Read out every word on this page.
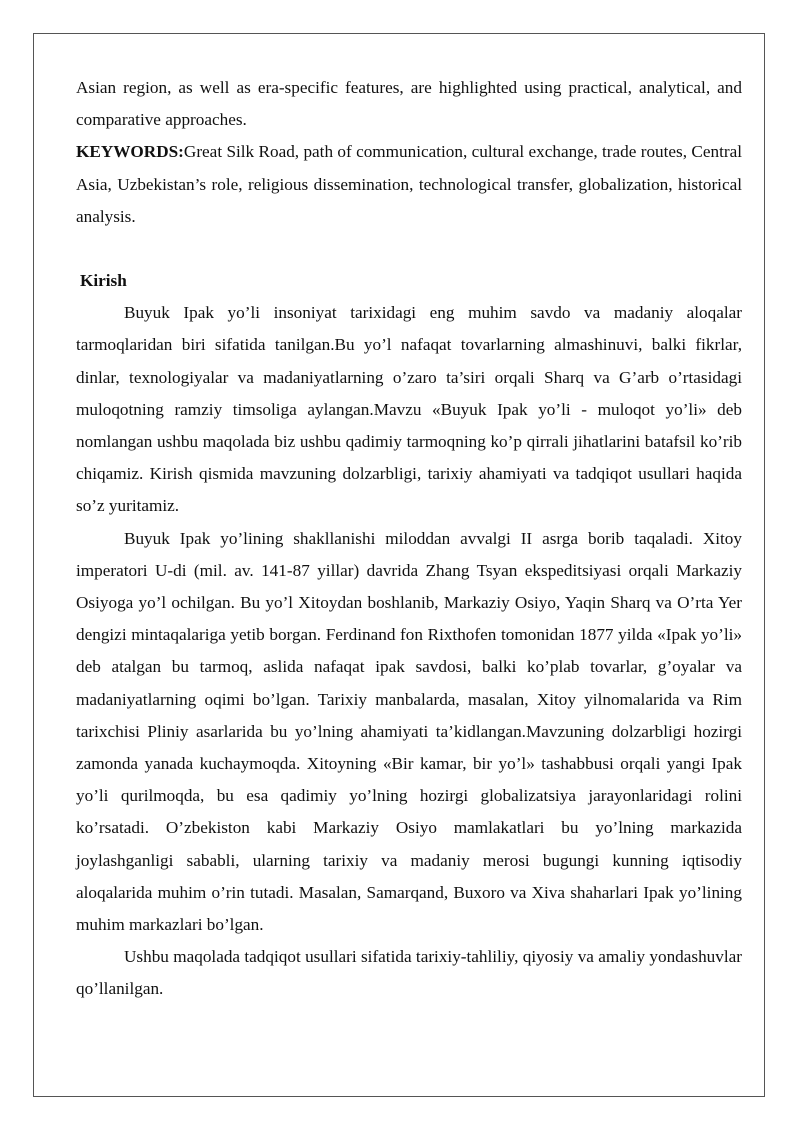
Asian region, as well as era-specific features, are highlighted using practical, analytical, and comparative approaches.

KEYWORDS:Great Silk Road, path of communication, cultural exchange, trade routes, Central Asia, Uzbekistan’s role, religious dissemination, technological transfer, globalization, historical analysis.

Kirish

Buyuk Ipak yo’li insoniyat tarixidagi eng muhim savdo va madaniy aloqalar tarmoqlaridan biri sifatida tanilgan.Bu yo’l nafaqat tovarlarning almashinuvi, balki fikrlar, dinlar, texnologiyalar va madaniyatlarning o’zaro ta’siri orqali Sharq va G’arb o’rtasidagi muloqotning ramziy timsoliga aylangan.Mavzu «Buyuk Ipak yo’li - muloqot yo’li» deb nomlangan ushbu maqolada biz ushbu qadimiy tarmoqning ko’p qirrali jihatlarini batafsil ko’rib chiqamiz. Kirish qismida mavzuning dolzarbligi, tarixiy ahamiyati va tadqiqot usullari haqida so’z yuritamiz.

Buyuk Ipak yo’lining shakllanishi miloddan avvalgi II asrga borib taqaladi. Xitoy imperatori U-di (mil. av. 141-87 yillar) davrida Zhang Tsyan ekspeditsiyasi orqali Markaziy Osiyoga yo’l ochilgan. Bu yo’l Xitoydan boshlanib, Markaziy Osiyo, Yaqin Sharq va O’rta Yer dengizi mintaqalariga yetib borgan. Ferdinand fon Rixthofen tomonidan 1877 yilda «Ipak yo’li» deb atalgan bu tarmoq, aslida nafaqat ipak savdosi, balki ko’plab tovarlar, g’oyalar va madaniyatlarning oqimi bo’lgan. Tarixiy manbalarda, masalan, Xitoy yilnomalarida va Rim tarixchisi Pliniy asarlarida bu yo’lning ahamiyati ta’kidlangan.Mavzuning dolzarbligi hozirgi zamonda yanada kuchaymoqda. Xitoyning «Bir kamar, bir yo’l» tashabbusi orqali yangi Ipak yo’li qurilmoqda, bu esa qadimiy yo’lning hozirgi globalizatsiya jarayonlaridagi rolini ko’rsatadi. O’zbekiston kabi Markaziy Osiyo mamlakatlari bu yo’lning markazida joylashganligi sababli, ularning tarixiy va madaniy merosi bugungi kunning iqtisodiy aloqalarida muhim o’rin tutadi. Masalan, Samarqand, Buxoro va Xiva shaharlari Ipak yo’lining muhim markazlari bo’lgan.

Ushbu maqolada tadqiqot usullari sifatida tarixiy-tahliliy, qiyosiy va amaliy yondashuvlar qo’llanilgan.
